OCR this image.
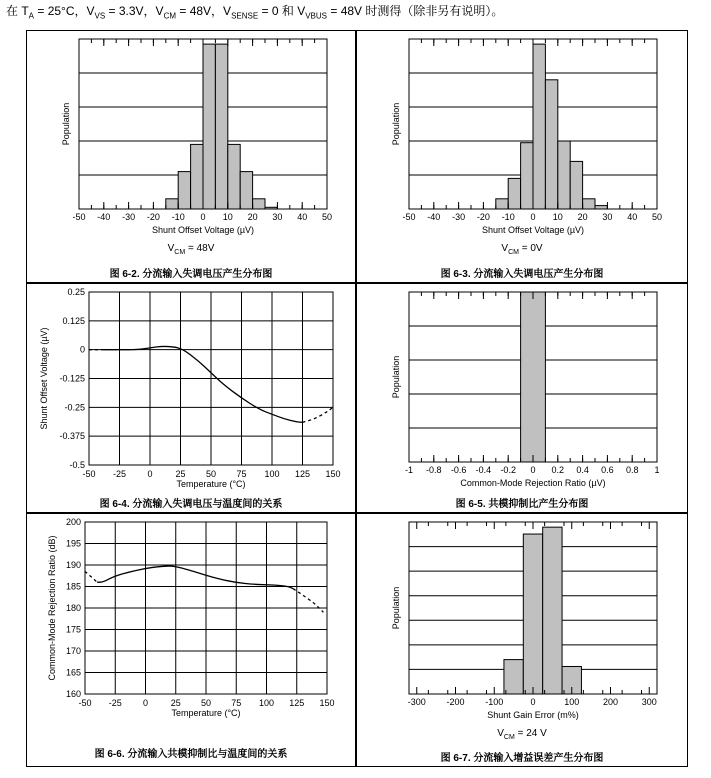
在 $T_A = 25^\circ C$，$V_{VS} = 3.3V$，$V_{CM} = 48V$，$V_{SENSE} = 0$ 和 $V_{VBUS} = 48V$ 时测得（除非另有说明）。
-50 -40 -30 -20 -10 0 10 20 30 40 50
Shunt Offset Voltage (µV)
Population
$V_{CM} = 48V$
图 6-2. 分流输入失调电压产生分布图
-50 -40 -30 -20 -10 0 10 20 30 40 50
Shunt Offset Voltage (µV)
Population
$V_{CM} = 0V$
图 6-3. 分流输入失调电压产生分布图
-50 -25 0	25 50 75 100 125 150
0.25
0.125
0
-0.125
-0.25
-0.375
-0.5
Temperature (°C)
Shunt Offset Voltage (µV)
图 6-4. 分流输入失调电压与温度间的关系
-1 -0.8 -0.6 -0.4 -0.2 0 0.2 0.4 0.6 0.8 1
Common-Mode Rejection Ratio (µV)
Population
图 6-5. 共模抑制比产生分布图
-50 -25 0	25 50 75 100 125 150
200
195
190
185
180
175
170
165
160
Temperature (°C)
Common-Mode Rejection Ratio (dB)
图 6-6. 分流输入共模抑制比与温度间的关系
-300 -200 -100	0	100	200	300
Shunt Gain Error (m%)
Population
$V_{CM} = 24$ V
图 6-7. 分流输入增益误差产生分布图
